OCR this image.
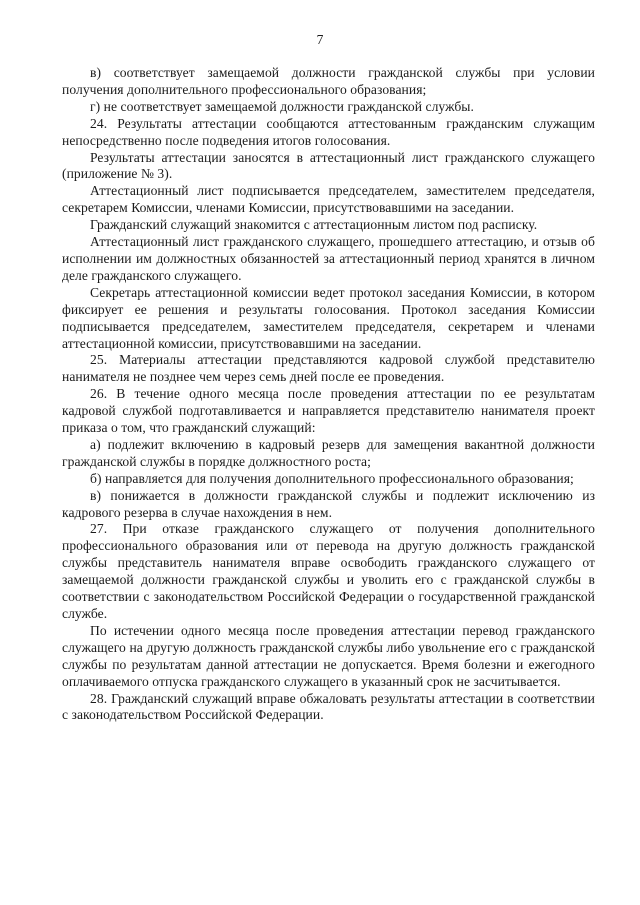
7

в) соответствует замещаемой должности гражданской службы при условии получения дополнительного профессионального образования;

г) не соответствует замещаемой должности гражданской службы.

24. Результаты аттестации сообщаются аттестованным гражданским служащим непосредственно после подведения итогов голосования.

Результаты аттестации заносятся в аттестационный лист гражданского служащего (приложение № 3).

Аттестационный лист подписывается председателем, заместителем председателя, секретарем Комиссии, членами Комиссии, присутствовавшими на заседании.

Гражданский служащий знакомится с аттестационным листом под расписку.

Аттестационный лист гражданского служащего, прошедшего аттестацию, и отзыв об исполнении им должностных обязанностей за аттестационный период хранятся в личном деле гражданского служащего.

Секретарь аттестационной комиссии ведет протокол заседания Комиссии, в котором фиксирует ее решения и результаты голосования. Протокол заседания Комиссии подписывается председателем, заместителем председателя, секретарем и членами аттестационной комиссии, присутствовавшими на заседании.

25. Материалы аттестации представляются кадровой службой представителю нанимателя не позднее чем через семь дней после ее проведения.

26. В течение одного месяца после проведения аттестации по ее результатам кадровой службой подготавливается и направляется представителю нанимателя проект приказа о том, что гражданский служащий:

а) подлежит включению в кадровый резерв для замещения вакантной должности гражданской службы в порядке должностного роста;

б) направляется для получения дополнительного профессионального образования;

в) понижается в должности гражданской службы и подлежит исключению из кадрового резерва в случае нахождения в нем.

27. При отказе гражданского служащего от получения дополнительного профессионального образования или от перевода на другую должность гражданской службы представитель нанимателя вправе освободить гражданского служащего от замещаемой должности гражданской службы и уволить его с гражданской службы в соответствии с законодательством Российской Федерации о государственной гражданской службе.

По истечении одного месяца после проведения аттестации перевод гражданского служащего на другую должность гражданской службы либо увольнение его с гражданской службы по результатам данной аттестации не допускается. Время болезни и ежегодного оплачиваемого отпуска гражданского служащего в указанный срок не засчитывается.

28. Гражданский служащий вправе обжаловать результаты аттестации в соответствии с законодательством Российской Федерации.
